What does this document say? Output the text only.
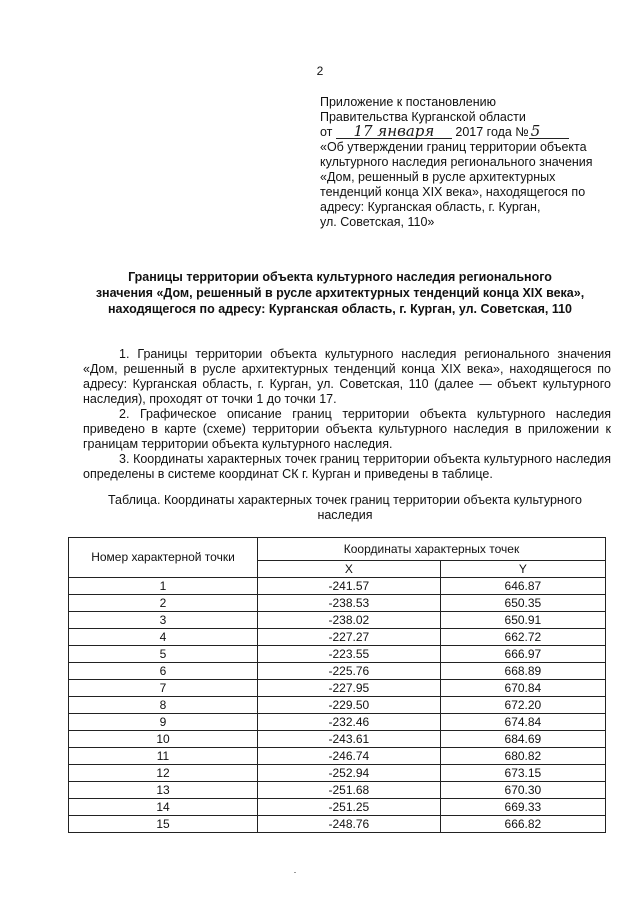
2
Приложение к постановлению
Правительства Курганской области
от 17 января 2017 года № 5
«Об утверждении границ территории объекта
культурного наследия регионального значения
«Дом, решенный в русле архитектурных
тенденций конца XIX века», находящегося по
адресу: Курганская область, г. Курган,
ул. Советская, 110»
Границы территории объекта культурного наследия регионального
значения «Дом, решенный в русле архитектурных тенденций конца XIX века»,
находящегося по адресу: Курганская область, г. Курган, ул. Советская, 110

1. Границы территории объекта культурного наследия регионального значения «Дом, решенный в русле архитектурных тенденций конца XIX века», находящегося по адресу: Курганская область, г. Курган, ул. Советская, 110 (далее — объект культурного наследия), проходят от точки 1 до точки 17.

2. Графическое описание границ территории объекта культурного наследия приведено в карте (схеме) территории объекта культурного наследия в приложении к границам территории объекта культурного наследия.

3. Координаты характерных точек границ территории объекта культурного наследия определены в системе координат СК г. Курган и приведены в таблице.

Таблица. Координаты характерных точек границ территории объекта культурного
наследия
Номер характерной точки	Координаты характерных точек	
	X	Y
1	-241.57	646.87
2	-238.53	650.35
3	-238.02	650.91
4	-227.27	662.72
5	-223.55	666.97
6	-225.76	668.89
7	-227.95	670.84
8	-229.50	672.20
9	-232.46	674.84
10	-243.61	684.69
11	-246.74	680.82
12	-252.94	673.15
13	-251.68	670.30
14	-251.25	669.33
15	-248.76	666.82
